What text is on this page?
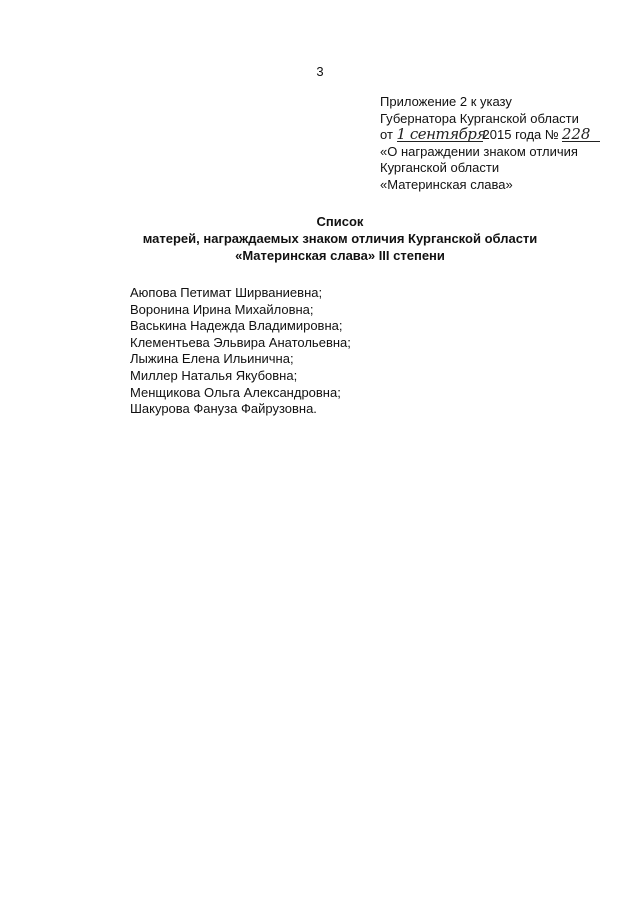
3
Приложение 2 к указу
Губернатора Курганской области
от 1 сентября2015 года № 228
«О награждении знаком отличия
Курганской области
«Материнская слава»
Список
матерей, награждаемых знаком отличия Курганской области
«Материнская слава» III степени
Аюпова Петимат Ширваниевна;
Воронина Ирина Михайловна;
Васькина Надежда Владимировна;
Клементьева Эльвира Анатольевна;
Лыжина Елена Ильинична;
Миллер Наталья Якубовна;
Менщикова Ольга Александровна;
Шакурова Фануза Файрузовна.
